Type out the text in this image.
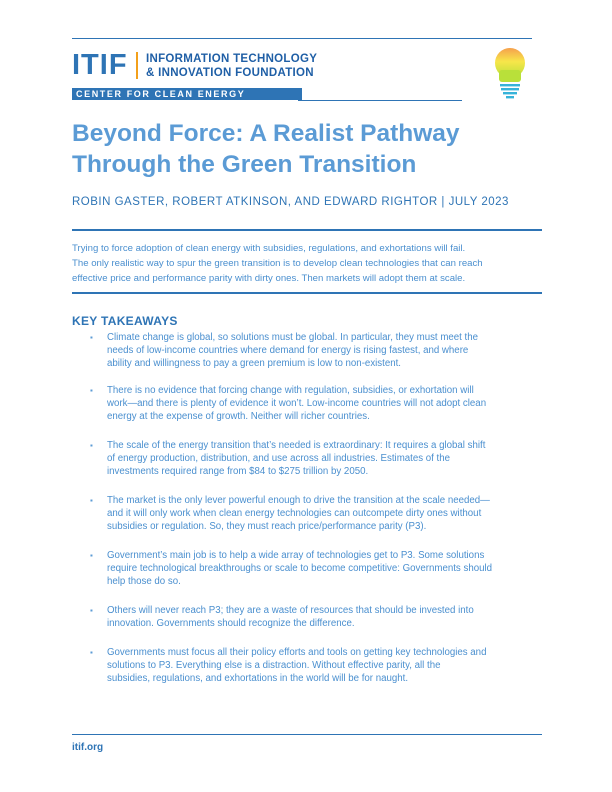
ITIF INFORMATION TECHNOLOGY
& INNOVATION FOUNDATION
CENTER FOR CLEAN ENERGY INNOVATION
Beyond Force: A Realist Pathway
Through the Green Transition
ROBIN GASTER, ROBERT ATKINSON, AND EDWARD RIGHTOR | JULY 2023

Trying to force adoption of clean energy with subsidies, regulations, and exhortations will fail.
The only realistic way to spur the green transition is to develop clean technologies that can reach
effective price and performance parity with dirty ones. Then markets will adopt them at scale.

KEY TAKEAWAYS
▪	Climate change is global, so solutions must be global. In particular, they must meet the
needs of low-income countries where demand for energy is rising fastest, and where
ability and willingness to pay a green premium is low to non-existent.
▪	There is no evidence that forcing change with regulation, subsidies, or exhortation will
work—and there is plenty of evidence it won’t. Low-income countries will not adopt clean
energy at the expense of growth. Neither will richer countries.
▪	The scale of the energy transition that’s needed is extraordinary: It requires a global shift
of energy production, distribution, and use across all industries. Estimates of the
investments required range from $84 to $275 trillion by 2050.
▪	The market is the only lever powerful enough to drive the transition at the scale needed—
and it will only work when clean energy technologies can outcompete dirty ones without
subsidies or regulation. So, they must reach price/performance parity (P3).
▪	Government’s main job is to help a wide array of technologies get to P3. Some solutions
require technological breakthroughs or scale to become competitive: Governments should
help those do so.
▪	Others will never reach P3; they are a waste of resources that should be invested into
innovation. Governments should recognize the difference.
▪	Governments must focus all their policy efforts and tools on getting key technologies and
solutions to P3. Everything else is a distraction. Without effective parity, all the
subsidies, regulations, and exhortations in the world will be for naught.
itif.org
